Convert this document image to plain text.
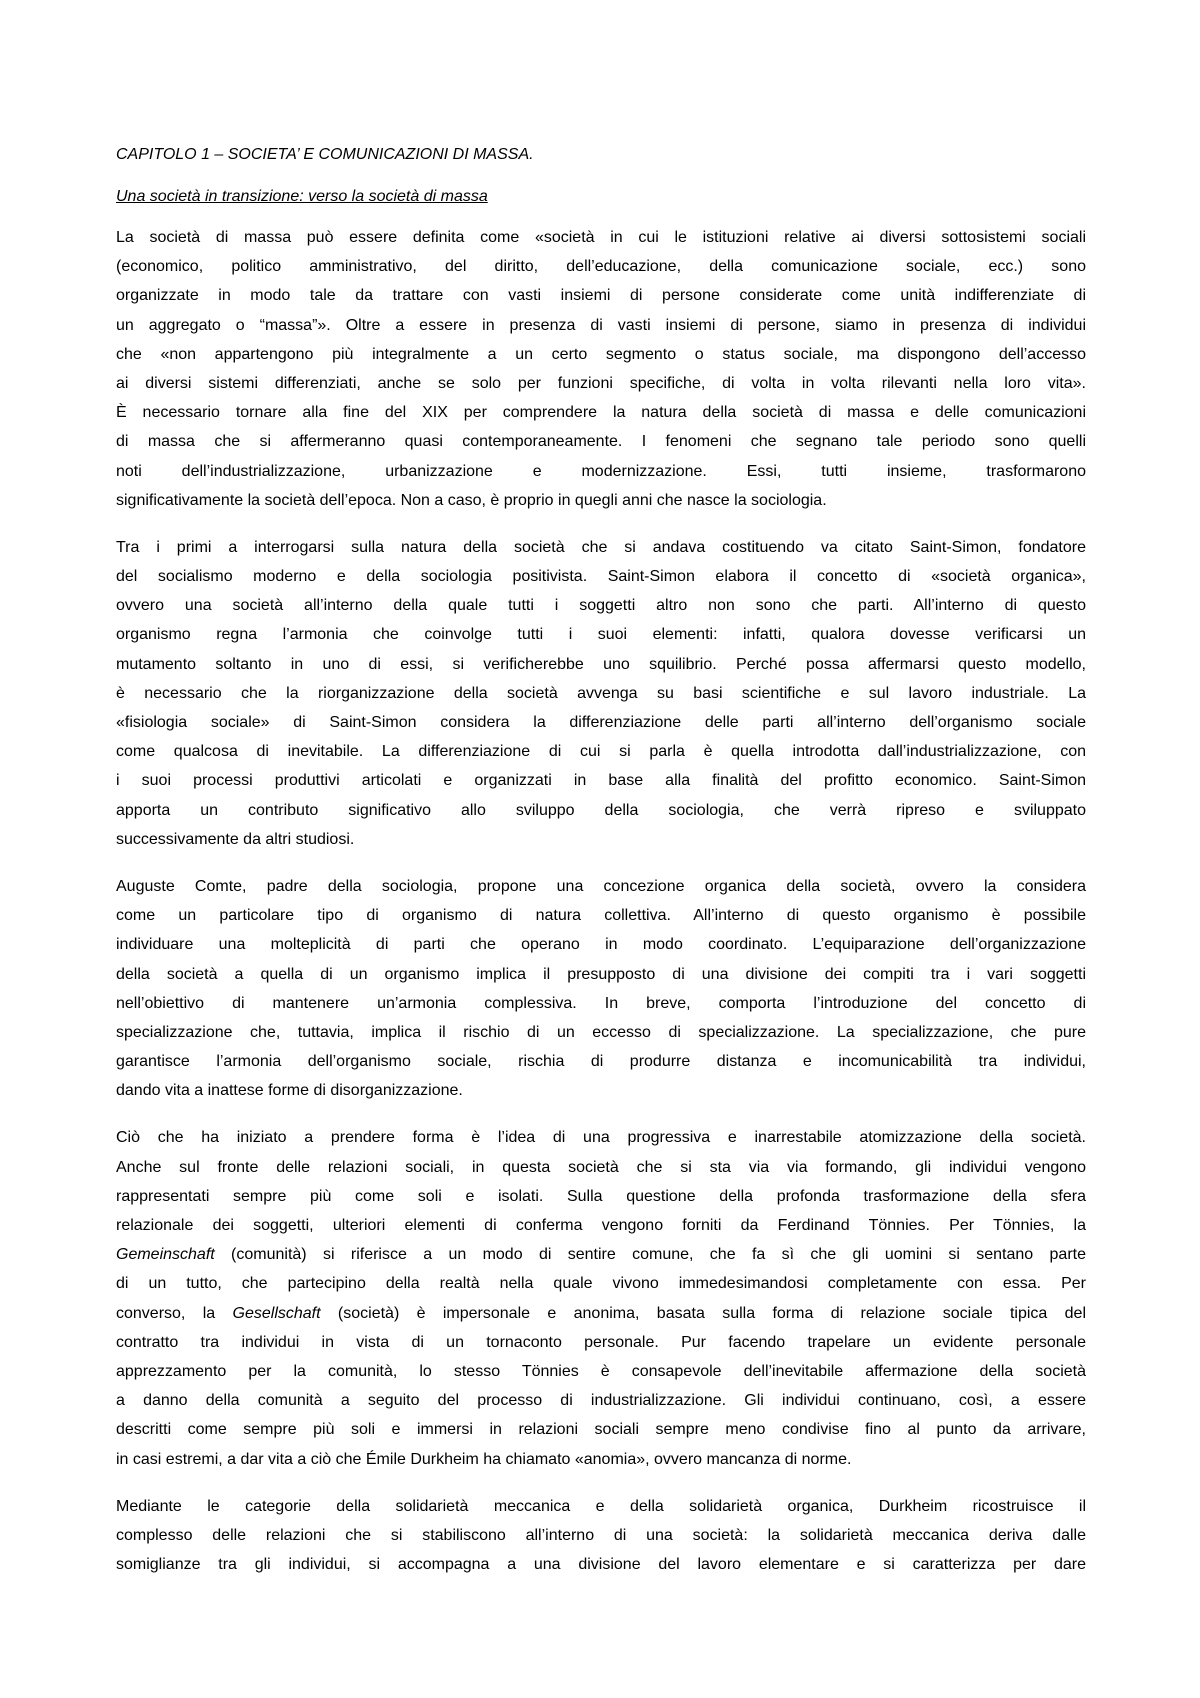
CAPITOLO 1 – SOCIETA’ E COMUNICAZIONI DI MASSA.
Una società in transizione: verso la società di massa
La società di massa può essere definita come «società in cui le istituzioni relative ai diversi sottosistemi sociali
(economico, politico amministrativo, del diritto, dell’educazione, della comunicazione sociale, ecc.) sono
organizzate in modo tale da trattare con vasti insiemi di persone considerate come unità indifferenziate di
un aggregato o “massa”». Oltre a essere in presenza di vasti insiemi di persone, siamo in presenza di individui
che «non appartengono più integralmente a un certo segmento o status sociale, ma dispongono dell’accesso
ai diversi sistemi differenziati, anche se solo per funzioni specifiche, di volta in volta rilevanti nella loro vita».
È necessario tornare alla fine del XIX per comprendere la natura della società di massa e delle comunicazioni
di massa che si affermeranno quasi contemporaneamente. I fenomeni che segnano tale periodo sono quelli
noti dell’industrializzazione, urbanizzazione e modernizzazione. Essi, tutti insieme, trasformarono
significativamente la società dell’epoca. Non a caso, è proprio in quegli anni che nasce la sociologia.
Tra i primi a interrogarsi sulla natura della società che si andava costituendo va citato Saint-Simon, fondatore
del socialismo moderno e della sociologia positivista. Saint-Simon elabora il concetto di «società organica»,
ovvero una società all’interno della quale tutti i soggetti altro non sono che parti. All’interno di questo
organismo regna l’armonia che coinvolge tutti i suoi elementi: infatti, qualora dovesse verificarsi un
mutamento soltanto in uno di essi, si verificherebbe uno squilibrio. Perché possa affermarsi questo modello,
è necessario che la riorganizzazione della società avvenga su basi scientifiche e sul lavoro industriale. La
«fisiologia sociale» di Saint-Simon considera la differenziazione delle parti all’interno dell’organismo sociale
come qualcosa di inevitabile. La differenziazione di cui si parla è quella introdotta dall’industrializzazione, con
i suoi processi produttivi articolati e organizzati in base alla finalità del profitto economico. Saint-Simon
apporta un contributo significativo allo sviluppo della sociologia, che verrà ripreso e sviluppato
successivamente da altri studiosi.
Auguste Comte, padre della sociologia, propone una concezione organica della società, ovvero la considera
come un particolare tipo di organismo di natura collettiva. All’interno di questo organismo è possibile
individuare una molteplicità di parti che operano in modo coordinato. L’equiparazione dell’organizzazione
della società a quella di un organismo implica il presupposto di una divisione dei compiti tra i vari soggetti
nell’obiettivo di mantenere un’armonia complessiva. In breve, comporta l’introduzione del concetto di
specializzazione che, tuttavia, implica il rischio di un eccesso di specializzazione. La specializzazione, che pure
garantisce l’armonia dell’organismo sociale, rischia di produrre distanza e incomunicabilità tra individui,
dando vita a inattese forme di disorganizzazione.
Ciò che ha iniziato a prendere forma è l’idea di una progressiva e inarrestabile atomizzazione della società.
Anche sul fronte delle relazioni sociali, in questa società che si sta via via formando, gli individui vengono
rappresentati sempre più come soli e isolati. Sulla questione della profonda trasformazione della sfera
relazionale dei soggetti, ulteriori elementi di conferma vengono forniti da Ferdinand Tönnies. Per Tönnies, la
Gemeinschaft (comunità) si riferisce a un modo di sentire comune, che fa sì che gli uomini si sentano parte
di un tutto, che partecipino della realtà nella quale vivono immedesimandosi completamente con essa. Per
converso, la Gesellschaft (società) è impersonale e anonima, basata sulla forma di relazione sociale tipica del
contratto tra individui in vista di un tornaconto personale. Pur facendo trapelare un evidente personale
apprezzamento per la comunità, lo stesso Tönnies è consapevole dell’inevitabile affermazione della società
a danno della comunità a seguito del processo di industrializzazione. Gli individui continuano, così, a essere
descritti come sempre più soli e immersi in relazioni sociali sempre meno condivise fino al punto da arrivare,
in casi estremi, a dar vita a ciò che Émile Durkheim ha chiamato «anomia», ovvero mancanza di norme.
Mediante le categorie della solidarietà meccanica e della solidarietà organica, Durkheim ricostruisce il
complesso delle relazioni che si stabiliscono all’interno di una società: la solidarietà meccanica deriva dalle
somiglianze tra gli individui, si accompagna a una divisione del lavoro elementare e si caratterizza per dare
